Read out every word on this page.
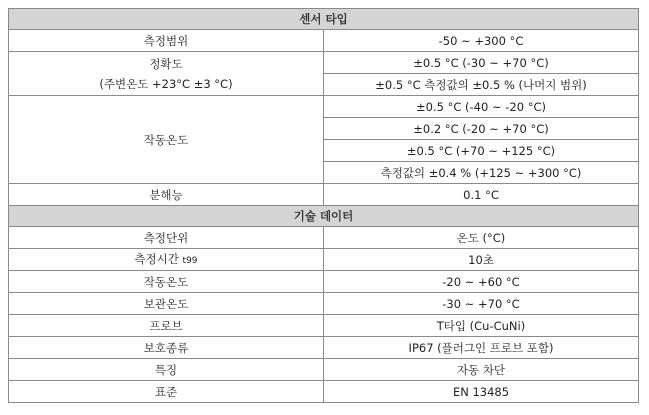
센서 타입	
측정범위	-50 ~ +300 °C

정확도
(주변온도 +23°C ±3 °C)	±0.5 °C (-30 ~ +70 °C)
	±0.5 °C 측정값의 ±0.5 % (나머지 범위)
작동온도	±0.5 °C (-40 ~ -20 °C)
	±0.2 °C (-20 ~ +70 °C)
	±0.5 °C (+70 ~ +125 °C)
	측정값의 ±0.4 % (+125 ~ +300 °C)
분해능	0.1 °C
기술 데이터	
측정단위	온도 (°C)
측정시간 t99	10초
작동온도	-20 ~ +60 °C
보관온도	-30 ~ +70 °C
프로브	T타입 (Cu-CuNi)
보호종류	IP67 (플러그인 프로브 포함)
특징	자동 차단
표준	EN 13485
